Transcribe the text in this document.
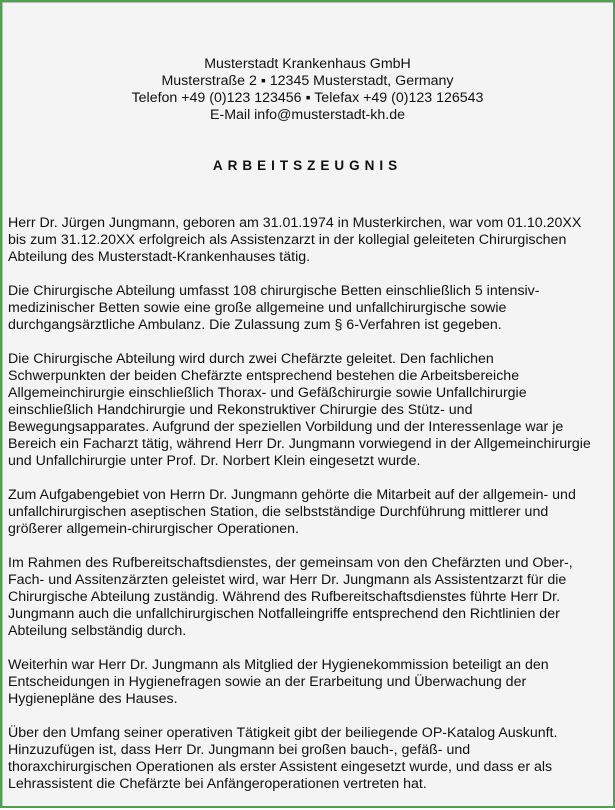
Musterstadt Krankenhaus GmbH
Musterstraße 2 ▪ 12345 Musterstadt, Germany
Telefon +49 (0)123 123456 ▪ Telefax +49 (0)123 126543
E-Mail info@musterstadt-kh.de
ARBEITSZEUGNIS
Herr Dr. Jürgen Jungmann, geboren am 31.01.1974 in Musterkirchen, war vom 01.10.20XX
bis zum 31.12.20XX erfolgreich als Assistenzarzt in der kollegial geleiteten Chirurgischen
Abteilung des Musterstadt-Krankenhauses tätig.
Die Chirurgische Abteilung umfasst 108 chirurgische Betten einschließlich 5 intensiv-
medizinischer Betten sowie eine große allgemeine und unfallchirurgische sowie
durchgangsärztliche Ambulanz. Die Zulassung zum § 6-Verfahren ist gegeben.
Die Chirurgische Abteilung wird durch zwei Chefärzte geleitet. Den fachlichen
Schwerpunkten der beiden Chefärzte entsprechend bestehen die Arbeitsbereiche
Allgemeinchirurgie einschließlich Thorax- und Gefäßchirurgie sowie Unfallchirurgie
einschließlich Handchirurgie und Rekonstruktiver Chirurgie des Stütz- und
Bewegungsapparates. Aufgrund der speziellen Vorbildung und der Interessenlage war je
Bereich ein Facharzt tätig, während Herr Dr. Jungmann vorwiegend in der Allgemeinchirurgie
und Unfallchirurgie unter Prof. Dr. Norbert Klein eingesetzt wurde.
Zum Aufgabengebiet von Herrn Dr. Jungmann gehörte die Mitarbeit auf der allgemein- und
unfallchirurgischen aseptischen Station, die selbstständige Durchführung mittlerer und
größerer allgemein-chirurgischer Operationen.
Im Rahmen des Rufbereitschaftsdienstes, der gemeinsam von den Chefärzten und Ober-,
Fach- und Assitenzärzten geleistet wird, war Herr Dr. Jungmann als Assistentzarzt für die
Chirurgische Abteilung zuständig. Während des Rufbereitschaftsdienstes führte Herr Dr.
Jungmann auch die unfallchirurgischen Notfalleingriffe entsprechend den Richtlinien der
Abteilung selbständig durch.
Weiterhin war Herr Dr. Jungmann als Mitglied der Hygienekommission beteiligt an den
Entscheidungen in Hygienefragen sowie an der Erarbeitung und Überwachung der
Hygienepläne des Hauses.
Über den Umfang seiner operativen Tätigkeit gibt der beiliegende OP-Katalog Auskunft.
Hinzuzufügen ist, dass Herr Dr. Jungmann bei großen bauch-, gefäß- und
thoraxchirurgischen Operationen als erster Assistent eingesetzt wurde, und dass er als
Lehrassistent die Chefärzte bei Anfängeroperationen vertreten hat.
